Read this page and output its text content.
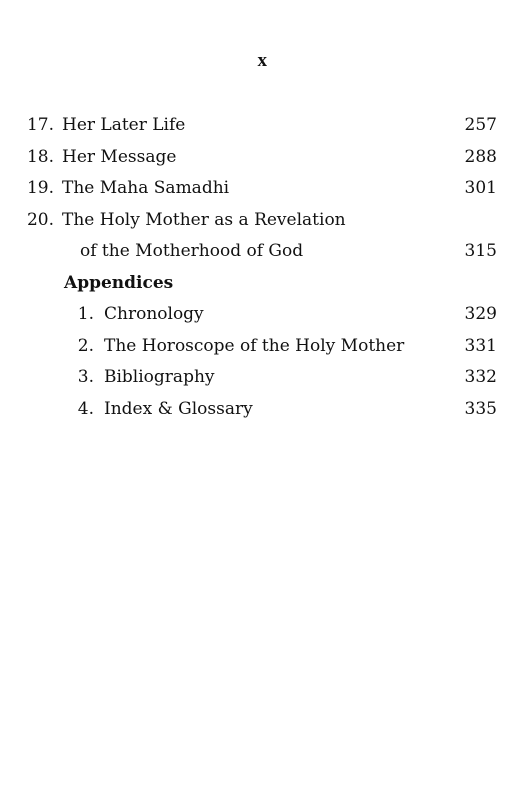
x
17. Her Later Life	257
18. Her Message	288
19. The Maha Samadhi	301
20. The Holy Mother as a Revelation
of the Motherhood of God	315
Appendices
1. Chronology	329
2. The Horoscope of the Holy Mother	331
3. Bibliography	332
4. Index & Glossary	335
